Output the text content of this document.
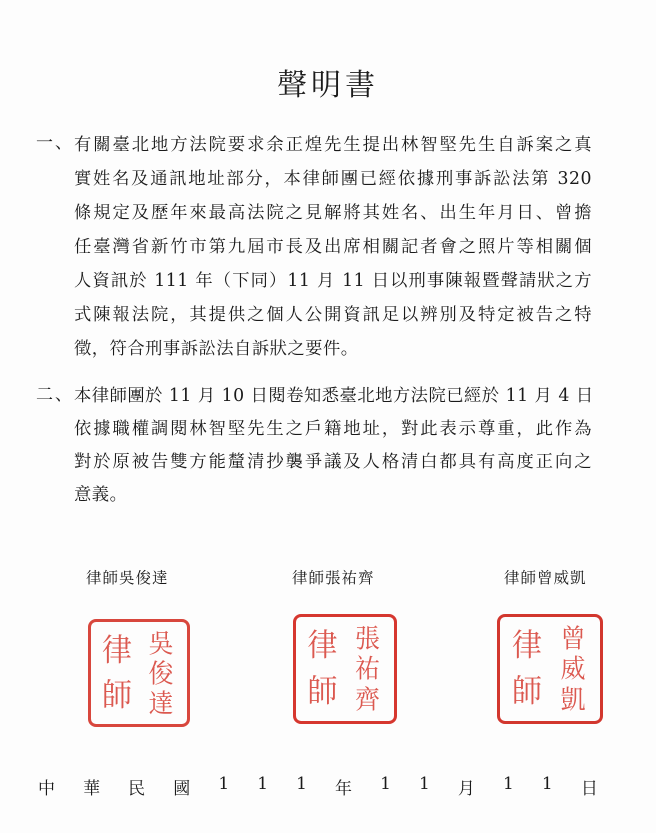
聲明書
一、 有關臺北地方法院要求余正煌先生提出林智堅先生自訴案之真
實姓名及通訊地址部分，本律師團已經依據刑事訴訟法第 320
條規定及歷年來最高法院之見解將其姓名、出生年月日、曾擔
任臺灣省新竹市第九屆市長及出席相關記者會之照片等相關個
人資訊於 111 年（下同）11 月 11 日以刑事陳報暨聲請狀之方
式陳報法院，其提供之個人公開資訊足以辨別及特定被告之特
徵，符合刑事訴訟法自訴狀之要件。
二、 本律師團於 11 月 10 日閱卷知悉臺北地方法院已經於 11 月 4 日
依據職權調閱林智堅先生之戶籍地址，對此表示尊重，此作為
對於原被告雙方能釐清抄襲爭議及人格清白都具有高度正向之
意義。
律師吳俊達	律師張祐齊	律師曾威凱
律
師
吳
俊
達
律
師
張
祐
齊
律
師
曾
威
凱
中 華 民 國 1 1 1 年 1 1 月 1 1 日
